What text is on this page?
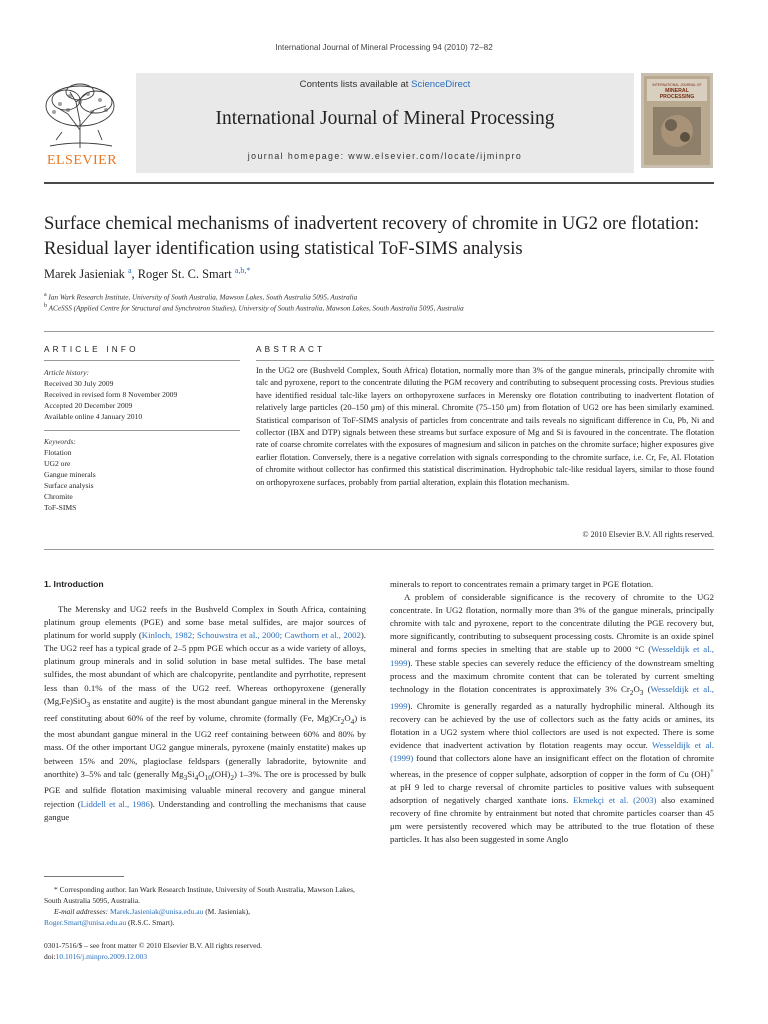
International Journal of Mineral Processing 94 (2010) 72–82
Contents lists available at ScienceDirect
International Journal of Mineral Processing
journal homepage: www.elsevier.com/locate/ijminpro
ELSEVIER
INTERNATIONAL JOURNAL OF
MINERAL
PROCESSING
Surface chemical mechanisms of inadvertent recovery of chromite in UG2 ore flotation: Residual layer identification using statistical ToF-SIMS analysis
Marek Jasieniak $^a$, Roger St. C. Smart $^{a,b,*}$
$^a$ Ian Wark Research Institute, University of South Australia, Mawson Lakes, South Australia 5095, Australia
$^b$ ACeSSS (Applied Centre for Structural and Synchrotron Studies), University of South Australia, Mawson Lakes, South Australia 5095, Australia
ARTICLE INFO
Article history:
Received 30 July 2009
Received in revised form 8 November 2009
Accepted 20 December 2009
Available online 4 January 2010
Keywords:
Flotation
UG2 ore
Gangue minerals
Surface analysis
Chromite
ToF-SIMS
ABSTRACT
In the UG2 ore (Bushveld Complex, South Africa) flotation, normally more than 3% of the gangue minerals, principally chromite with talc and pyroxene, report to the concentrate diluting the PGM recovery and contributing to subsequent processing costs. Previous studies have identified residual talc-like layers on orthopyroxene surfaces in Merensky ore flotation contributing to inadvertent flotation of relatively large particles (20–150 μm) of this mineral. Chromite (75–150 μm) from flotation of UG2 ore has been similarly examined. Statistical comparison of ToF-SIMS analysis of particles from concentrate and tails reveals no significant difference in Cu, Pb, Ni and collector (IBX and DTP) signals between these streams but surface exposure of Mg and Si is favoured in the concentrate. The flotation rate of coarse chromite correlates with the exposures of magnesium and silicon in patches on the chromite surface; higher exposures give earlier flotation. Conversely, there is a negative correlation with signals corresponding to the chromite surface, i.e. Cr, Fe, Al. Flotation of chromite without collector has confirmed this statistical discrimination. Hydrophobic talc-like residual layers, similar to those found on orthopyroxene surfaces, probably from partial alteration, explain this flotation mechanism.
© 2010 Elsevier B.V. All rights reserved.
1. Introduction
The Merensky and UG2 reefs in the Bushveld Complex in South Africa, containing platinum group elements (PGE) and some base metal sulfides, are major sources of platinum for world supply (Kinloch, 1982; Schouwstra et al., 2000; Cawthorn et al., 2002). The UG2 reef has a typical grade of 2–5 ppm PGE which occur as a wide variety of alloys, platinum group minerals and in solid solution in base metal sulfides. The base metal sulfides, the most abundant of which are chalcopyrite, pentlandite and pyrrhotite, represent less than 0.1% of the mass of the UG2 reef. Whereas orthopyroxene (generally (Mg,Fe)SiO$_3$ as enstatite and augite) is the most abundant gangue mineral in the Merensky reef constituting about 60% of the reef by volume, chromite (formally (Fe, $Mg)Cr_2O_4$) is the most abundant gangue mineral in the UG2 reef containing between 60% and 80% by mass. Of the other important UG2 gangue minerals, pyroxene (mainly enstatite) makes up between 15% and 20%, plagioclase feldspars (generally labradorite, bytownite and anorthite) 3–5% and talc (generally $Mg_3Si_4O_{10}(OH)_2$) 1–3%. The ore is processed by bulk PGE and sulfide flotation maximising valuable mineral recovery and gangue mineral rejection (Liddell et al., 1986). Understanding and controlling the mechanisms that cause gangue

minerals to report to concentrates remain a primary target in PGE flotation.

A problem of considerable significance is the recovery of chromite to the UG2 concentrate. In UG2 flotation, normally more than 3% of the gangue minerals, principally chromite with talc and pyroxene, report to the concentrate diluting the PGE recovery but, more significantly, contributing to subsequent processing costs. Chromite is an oxide spinel mineral and forms species in smelting that are stable up to 2000 °C (Wesseldijk et al., 1999). These stable species can severely reduce the efficiency of the downstream smelting process and the maximum chromite content that can be tolerated by current smelting technology in the flotation concentrates is approximately 3% $Cr_2O_3$ (Wesseldijk et al., 1999). Chromite is generally regarded as a naturally hydrophilic mineral. Although its recovery can be achieved by the use of collectors such as the fatty acids or amines, its flotation in a UG2 system where thiol collectors are used is not expected. There is some evidence that inadvertent activation by flotation reagents may occur. Wesseldijk et al. (1999) found that collectors alone have an insignificant effect on the flotation of chromite whereas, in the presence of copper sulphate, adsorption of copper in the form of Cu (OH)+ at pH 9 led to charge reversal of chromite particles to positive values with subsequent adsorption of negatively charged xanthate ions. Ekmekçi et al. (2003) also examined recovery of fine chromite by entrainment but noted that chromite particles coarser than 45 μm were persistently recovered which may be attributed to the true flotation of these particles. It has also been suggested in some Anglo

* Corresponding author. Ian Wark Research Institute, University of South Australia, Mawson Lakes, South Australia 5095, Australia.
E-mail addresses: Marek.Jasieniak@unisa.edu.au (M. Jasieniak),
Roger.Smart@unisa.edu.au (R.S.C. Smart).
0301-7516/$ – see front matter © 2010 Elsevier B.V. All rights reserved.
doi:10.1016/j.minpro.2009.12.003
